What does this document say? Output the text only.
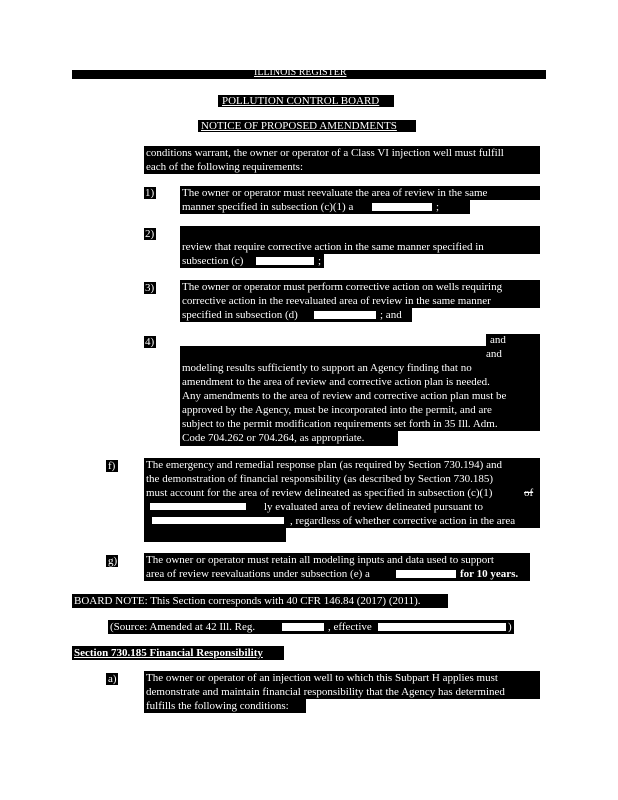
ILLINOIS REGISTER
POLLUTION CONTROL BOARD
NOTICE OF PROPOSED AMENDMENTS
conditions warrant, the owner or operator of a Class VI injection well must fulfill
each of the following requirements:
1)	The owner or operator must reevaluate the area of review in the same
manner specified in subsection (c)(1) a	;
2)
review that require corrective action in the same manner specified in
subsection (c)	;
3)	The owner or operator must perform corrective action on wells requiring
corrective action in the reevaluated area of review in the same manner
specified in subsection (d)	; and
4)	and
and
modeling results sufficiently to support an Agency finding that no
amendment to the area of review and corrective action plan is needed.
Any amendments to the area of review and corrective action plan must be
approved by the Agency, must be incorporated into the permit, and are
subject to the permit modification requirements set forth in 35 Ill. Adm.
Code 704.262 or 704.264, as appropriate.
f)	The emergency and remedial response plan (as required by Section 730.194) and
the demonstration of financial responsibility (as described by Section 730.185)
must account for the area of review delineated as specified in subsection (c)(1)	of
ly evaluated area of review delineated pursuant to
, regardless of whether corrective action in the area
g)	The owner or operator must retain all modeling inputs and data used to support
area of review reevaluations under subsection (e) a	for 10 years.
BOARD NOTE: This Section corresponds with 40 CFR 146.84 (2017) (2011).
(Source: Amended at 42 Ill. Reg.	, effective	)
Section 730.185 Financial Responsibility
a)	The owner or operator of an injection well to which this Subpart H applies must
demonstrate and maintain financial responsibility that the Agency has determined
fulfills the following conditions:
